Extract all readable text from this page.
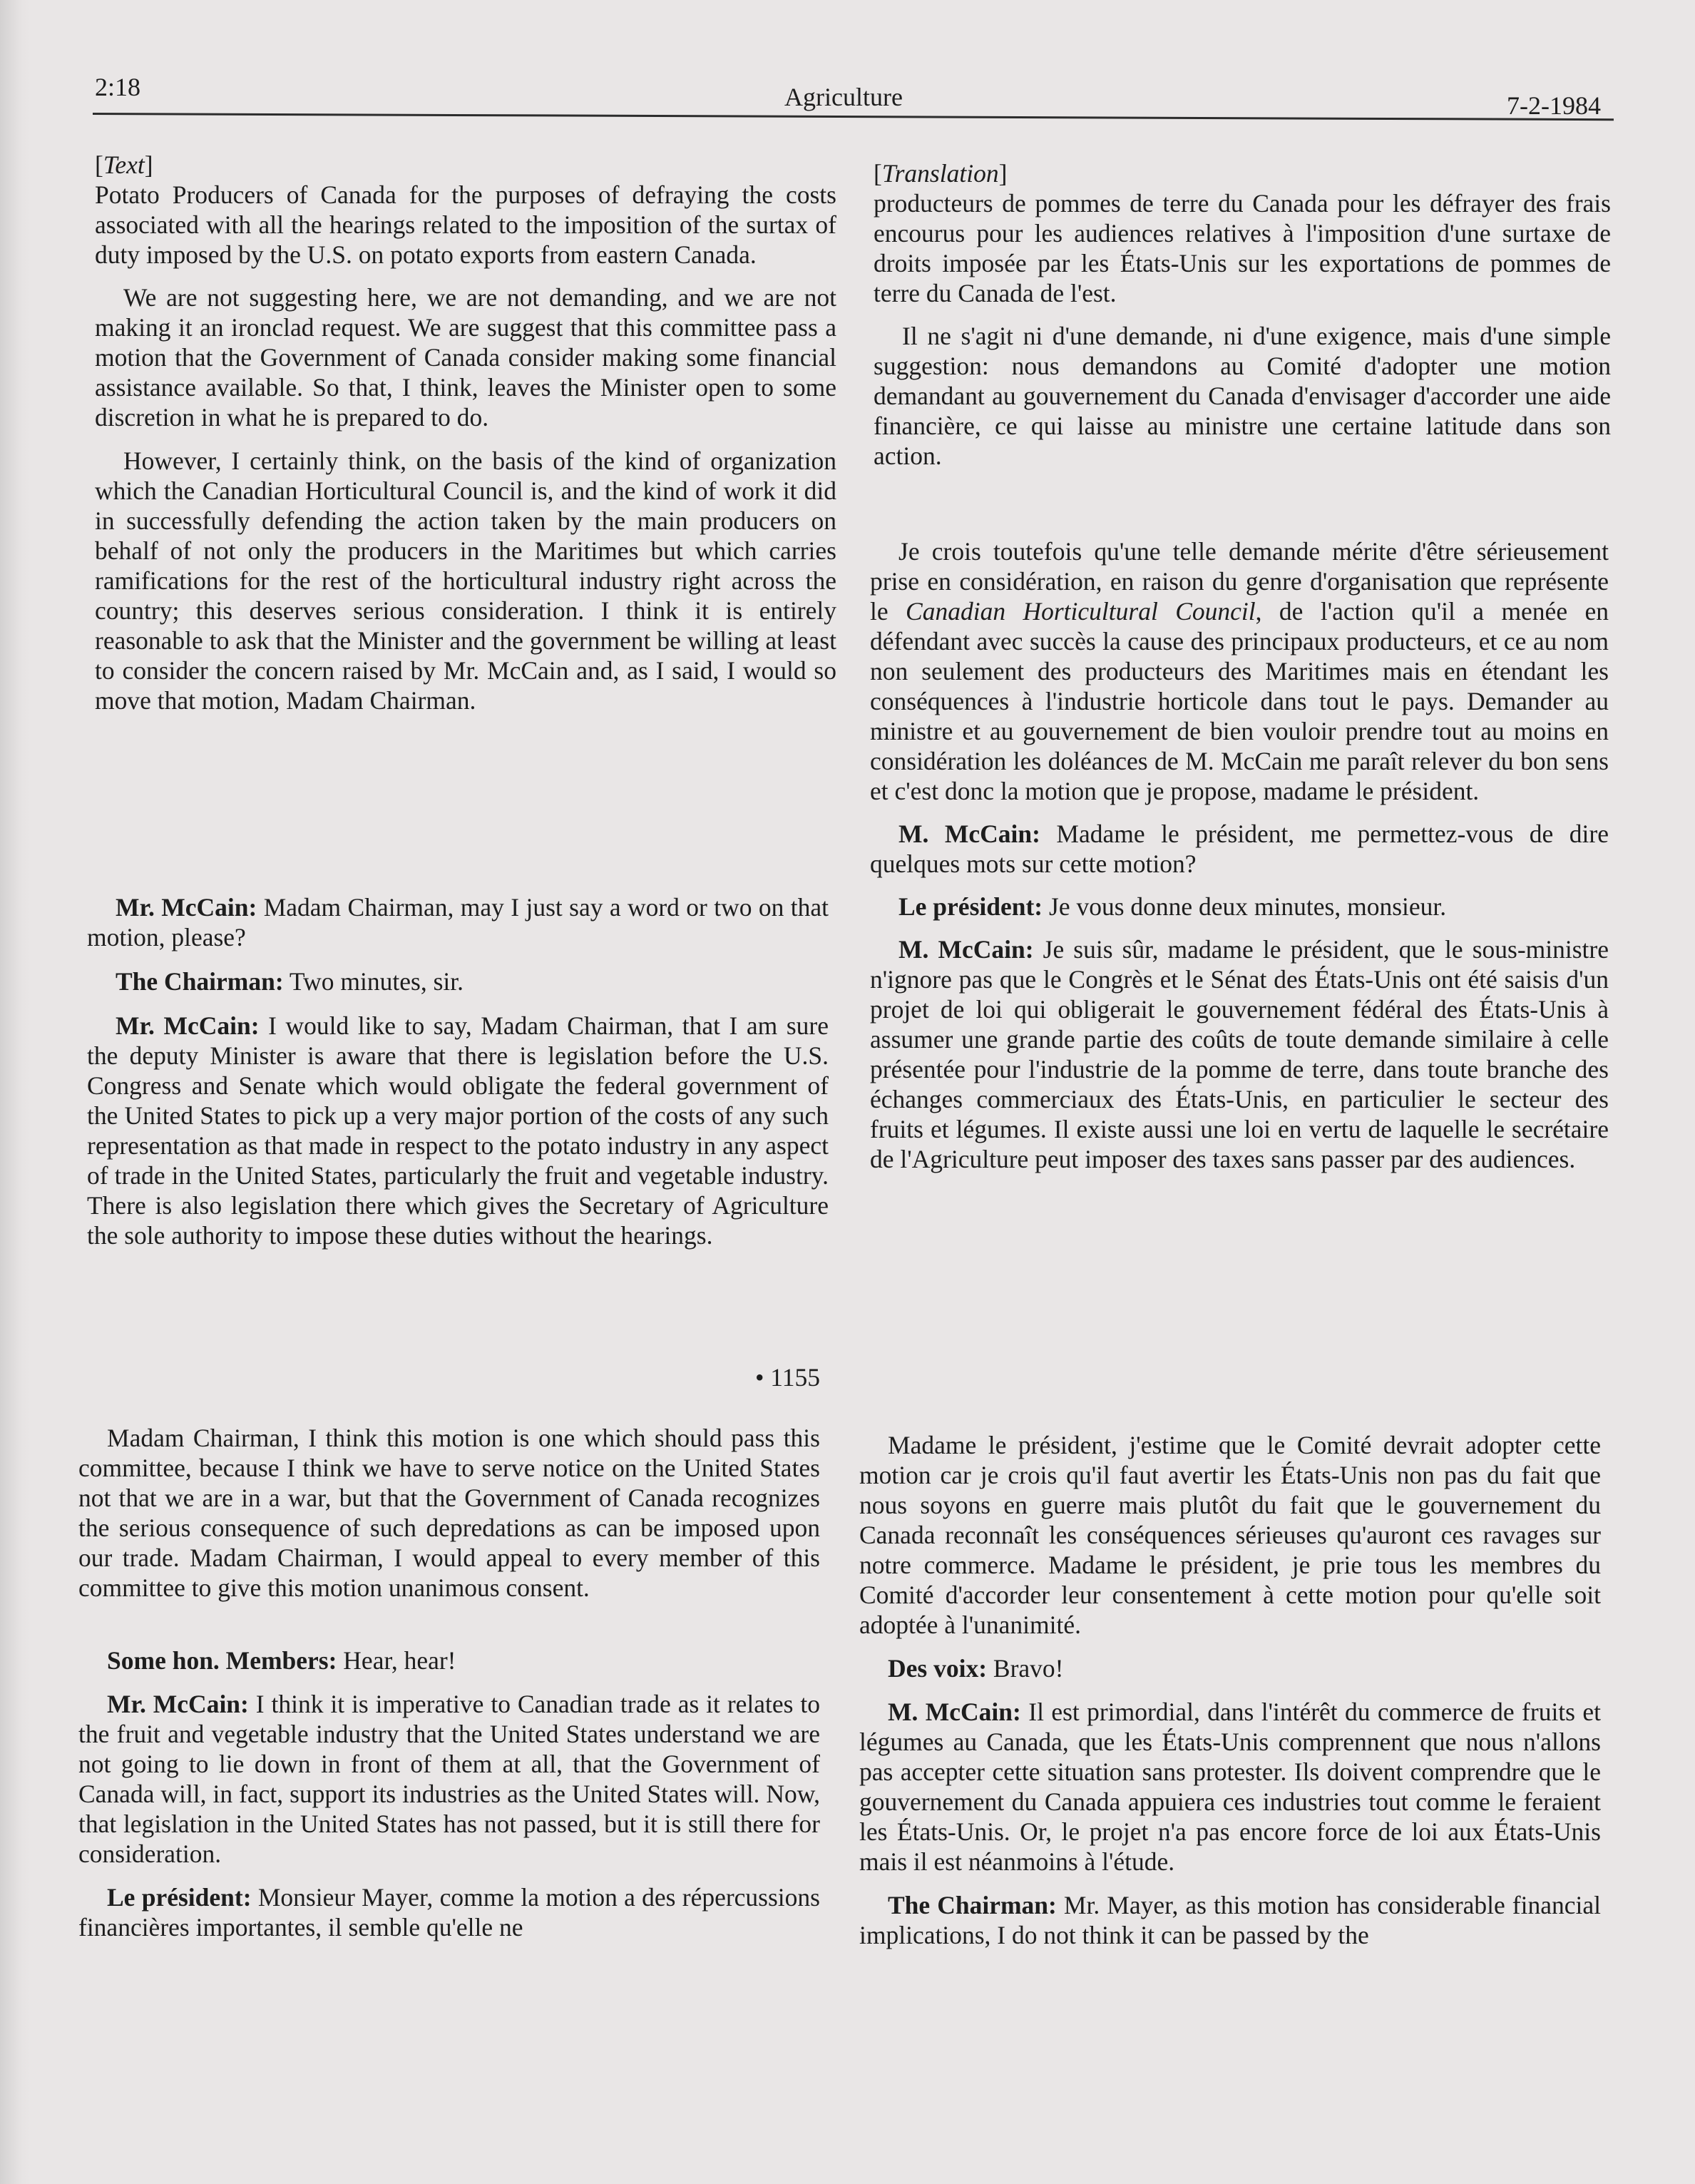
2:18	Agriculture	7-2-1984

[Text]

Potato Producers of Canada for the purposes of defraying the costs associated with all the hearings related to the imposition of the surtax of duty imposed by the U.S. on potato exports from eastern Canada.

We are not suggesting here, we are not demanding, and we are not making it an ironclad request. We are suggest that this committee pass a motion that the Government of Canada consider making some financial assistance available. So that, I think, leaves the Minister open to some discretion in what he is prepared to do.

However, I certainly think, on the basis of the kind of organization which the Canadian Horticultural Council is, and the kind of work it did in successfully defending the action taken by the main producers on behalf of not only the producers in the Maritimes but which carries ramifications for the rest of the horticultural industry right across the country; this deserves serious consideration. I think it is entirely reasonable to ask that the Minister and the government be willing at least to consider the concern raised by Mr. McCain and, as I said, I would so move that motion, Madam Chairman.

Mr. McCain: Madam Chairman, may I just say a word or two on that motion, please?

The Chairman: Two minutes, sir.

Mr. McCain: I would like to say, Madam Chairman, that I am sure the deputy Minister is aware that there is legislation before the U.S. Congress and Senate which would obligate the federal government of the United States to pick up a very major portion of the costs of any such representation as that made in respect to the potato industry in any aspect of trade in the United States, particularly the fruit and vegetable industry. There is also legislation there which gives the Secretary of Agriculture the sole authority to impose these duties without the hearings.

• 1155

Madam Chairman, I think this motion is one which should pass this committee, because I think we have to serve notice on the United States not that we are in a war, but that the Government of Canada recognizes the serious consequence of such depredations as can be imposed upon our trade. Madam Chairman, I would appeal to every member of this committee to give this motion unanimous consent.

Some hon. Members: Hear, hear!

Mr. McCain: I think it is imperative to Canadian trade as it relates to the fruit and vegetable industry that the United States understand we are not going to lie down in front of them at all, that the Government of Canada will, in fact, support its industries as the United States will. Now, that legislation in the United States has not passed, but it is still there for consideration.

Le président: Monsieur Mayer, comme la motion a des répercussions financières importantes, il semble qu'elle ne

[Translation]

producteurs de pommes de terre du Canada pour les défrayer des frais encourus pour les audiences relatives à l'imposition d'une surtaxe de droits imposée par les États-Unis sur les exportations de pommes de terre du Canada de l'est.

Il ne s'agit ni d'une demande, ni d'une exigence, mais d'une simple suggestion: nous demandons au Comité d'adopter une motion demandant au gouvernement du Canada d'envisager d'accorder une aide financière, ce qui laisse au ministre une certaine latitude dans son action.

Je crois toutefois qu'une telle demande mérite d'être sérieusement prise en considération, en raison du genre d'organisation que représente le Canadian Horticultural Council, de l'action qu'il a menée en défendant avec succès la cause des principaux producteurs, et ce au nom non seulement des producteurs des Maritimes mais en étendant les conséquences à l'industrie horticole dans tout le pays. Demander au ministre et au gouvernement de bien vouloir prendre tout au moins en considération les doléances de M. McCain me paraît relever du bon sens et c'est donc la motion que je propose, madame le président.

M. McCain: Madame le président, me permettez-vous de dire quelques mots sur cette motion?

Le président: Je vous donne deux minutes, monsieur.

M. McCain: Je suis sûr, madame le président, que le sous-ministre n'ignore pas que le Congrès et le Sénat des États-Unis ont été saisis d'un projet de loi qui obligerait le gouvernement fédéral des États-Unis à assumer une grande partie des coûts de toute demande similaire à celle présentée pour l'industrie de la pomme de terre, dans toute branche des échanges commerciaux des États-Unis, en particulier le secteur des fruits et légumes. Il existe aussi une loi en vertu de laquelle le secrétaire de l'Agriculture peut imposer des taxes sans passer par des audiences.

Madame le président, j'estime que le Comité devrait adopter cette motion car je crois qu'il faut avertir les États-Unis non pas du fait que nous soyons en guerre mais plutôt du fait que le gouvernement du Canada reconnaît les conséquences sérieuses qu'auront ces ravages sur notre commerce. Madame le président, je prie tous les membres du Comité d'accorder leur consentement à cette motion pour qu'elle soit adoptée à l'unanimité.

Des voix: Bravo!

M. McCain: Il est primordial, dans l'intérêt du commerce de fruits et légumes au Canada, que les États-Unis comprennent que nous n'allons pas accepter cette situation sans protester. Ils doivent comprendre que le gouvernement du Canada appuiera ces industries tout comme le feraient les États-Unis. Or, le projet n'a pas encore force de loi aux États-Unis mais il est néanmoins à l'étude.

The Chairman: Mr. Mayer, as this motion has considerable financial implications, I do not think it can be passed by the
